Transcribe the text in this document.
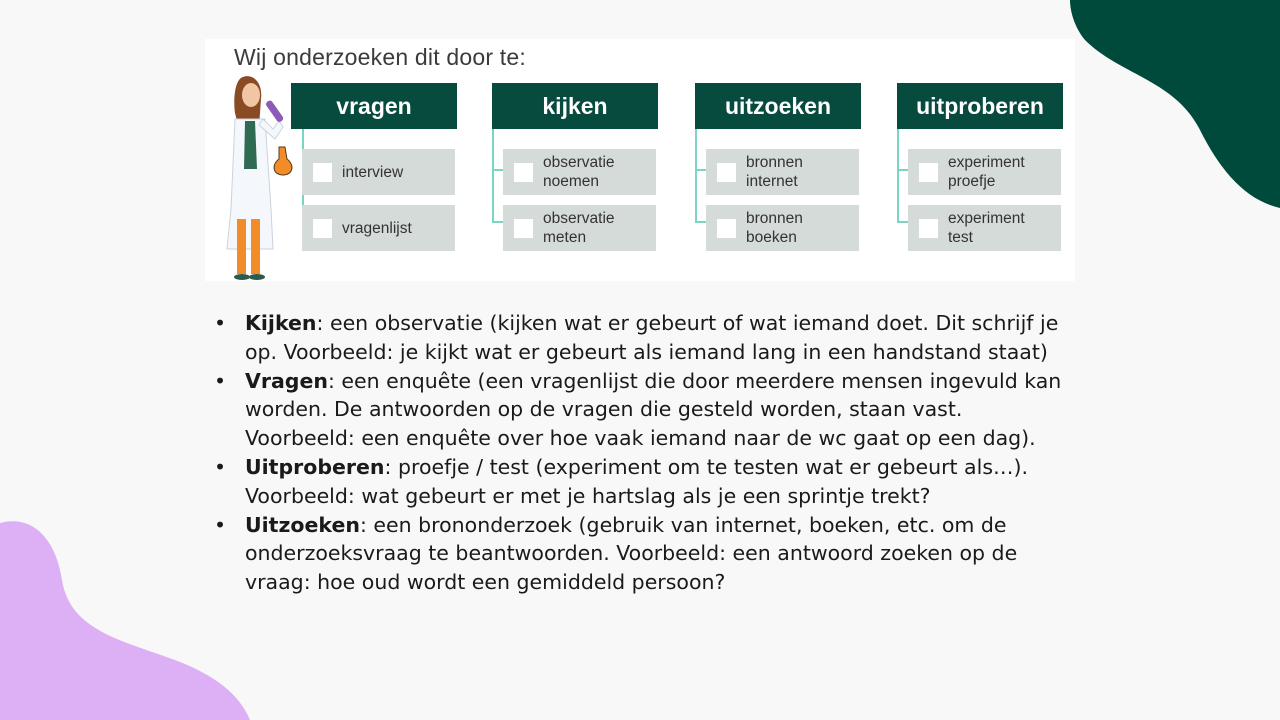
Wij onderzoeken dit door te:
vragen
interview
vragenlijst
kijken
observatie
noemen
observatie
meten
uitzoeken
bronnen
internet
bronnen
boeken
uitproberen
experiment
proefje
experiment
test
• Kijken: een observatie (kijken wat er gebeurt of wat iemand doet. Dit schrijf je op. Voorbeeld: je kijkt wat er gebeurt als iemand lang in een handstand staat)
• Vragen: een enquête (een vragenlijst die door meerdere mensen ingevuld kan worden. De antwoorden op de vragen die gesteld worden, staan vast. Voorbeeld: een enquête over hoe vaak iemand naar de wc gaat op een dag).
• Uitproberen: proefje / test (experiment om te testen wat er gebeurt als…). Voorbeeld: wat gebeurt er met je hartslag als je een sprintje trekt?
• Uitzoeken: een brononderzoek (gebruik van internet, boeken, etc. om de onderzoeksvraag te beantwoorden. Voorbeeld: een antwoord zoeken op de vraag: hoe oud wordt een gemiddeld persoon?
